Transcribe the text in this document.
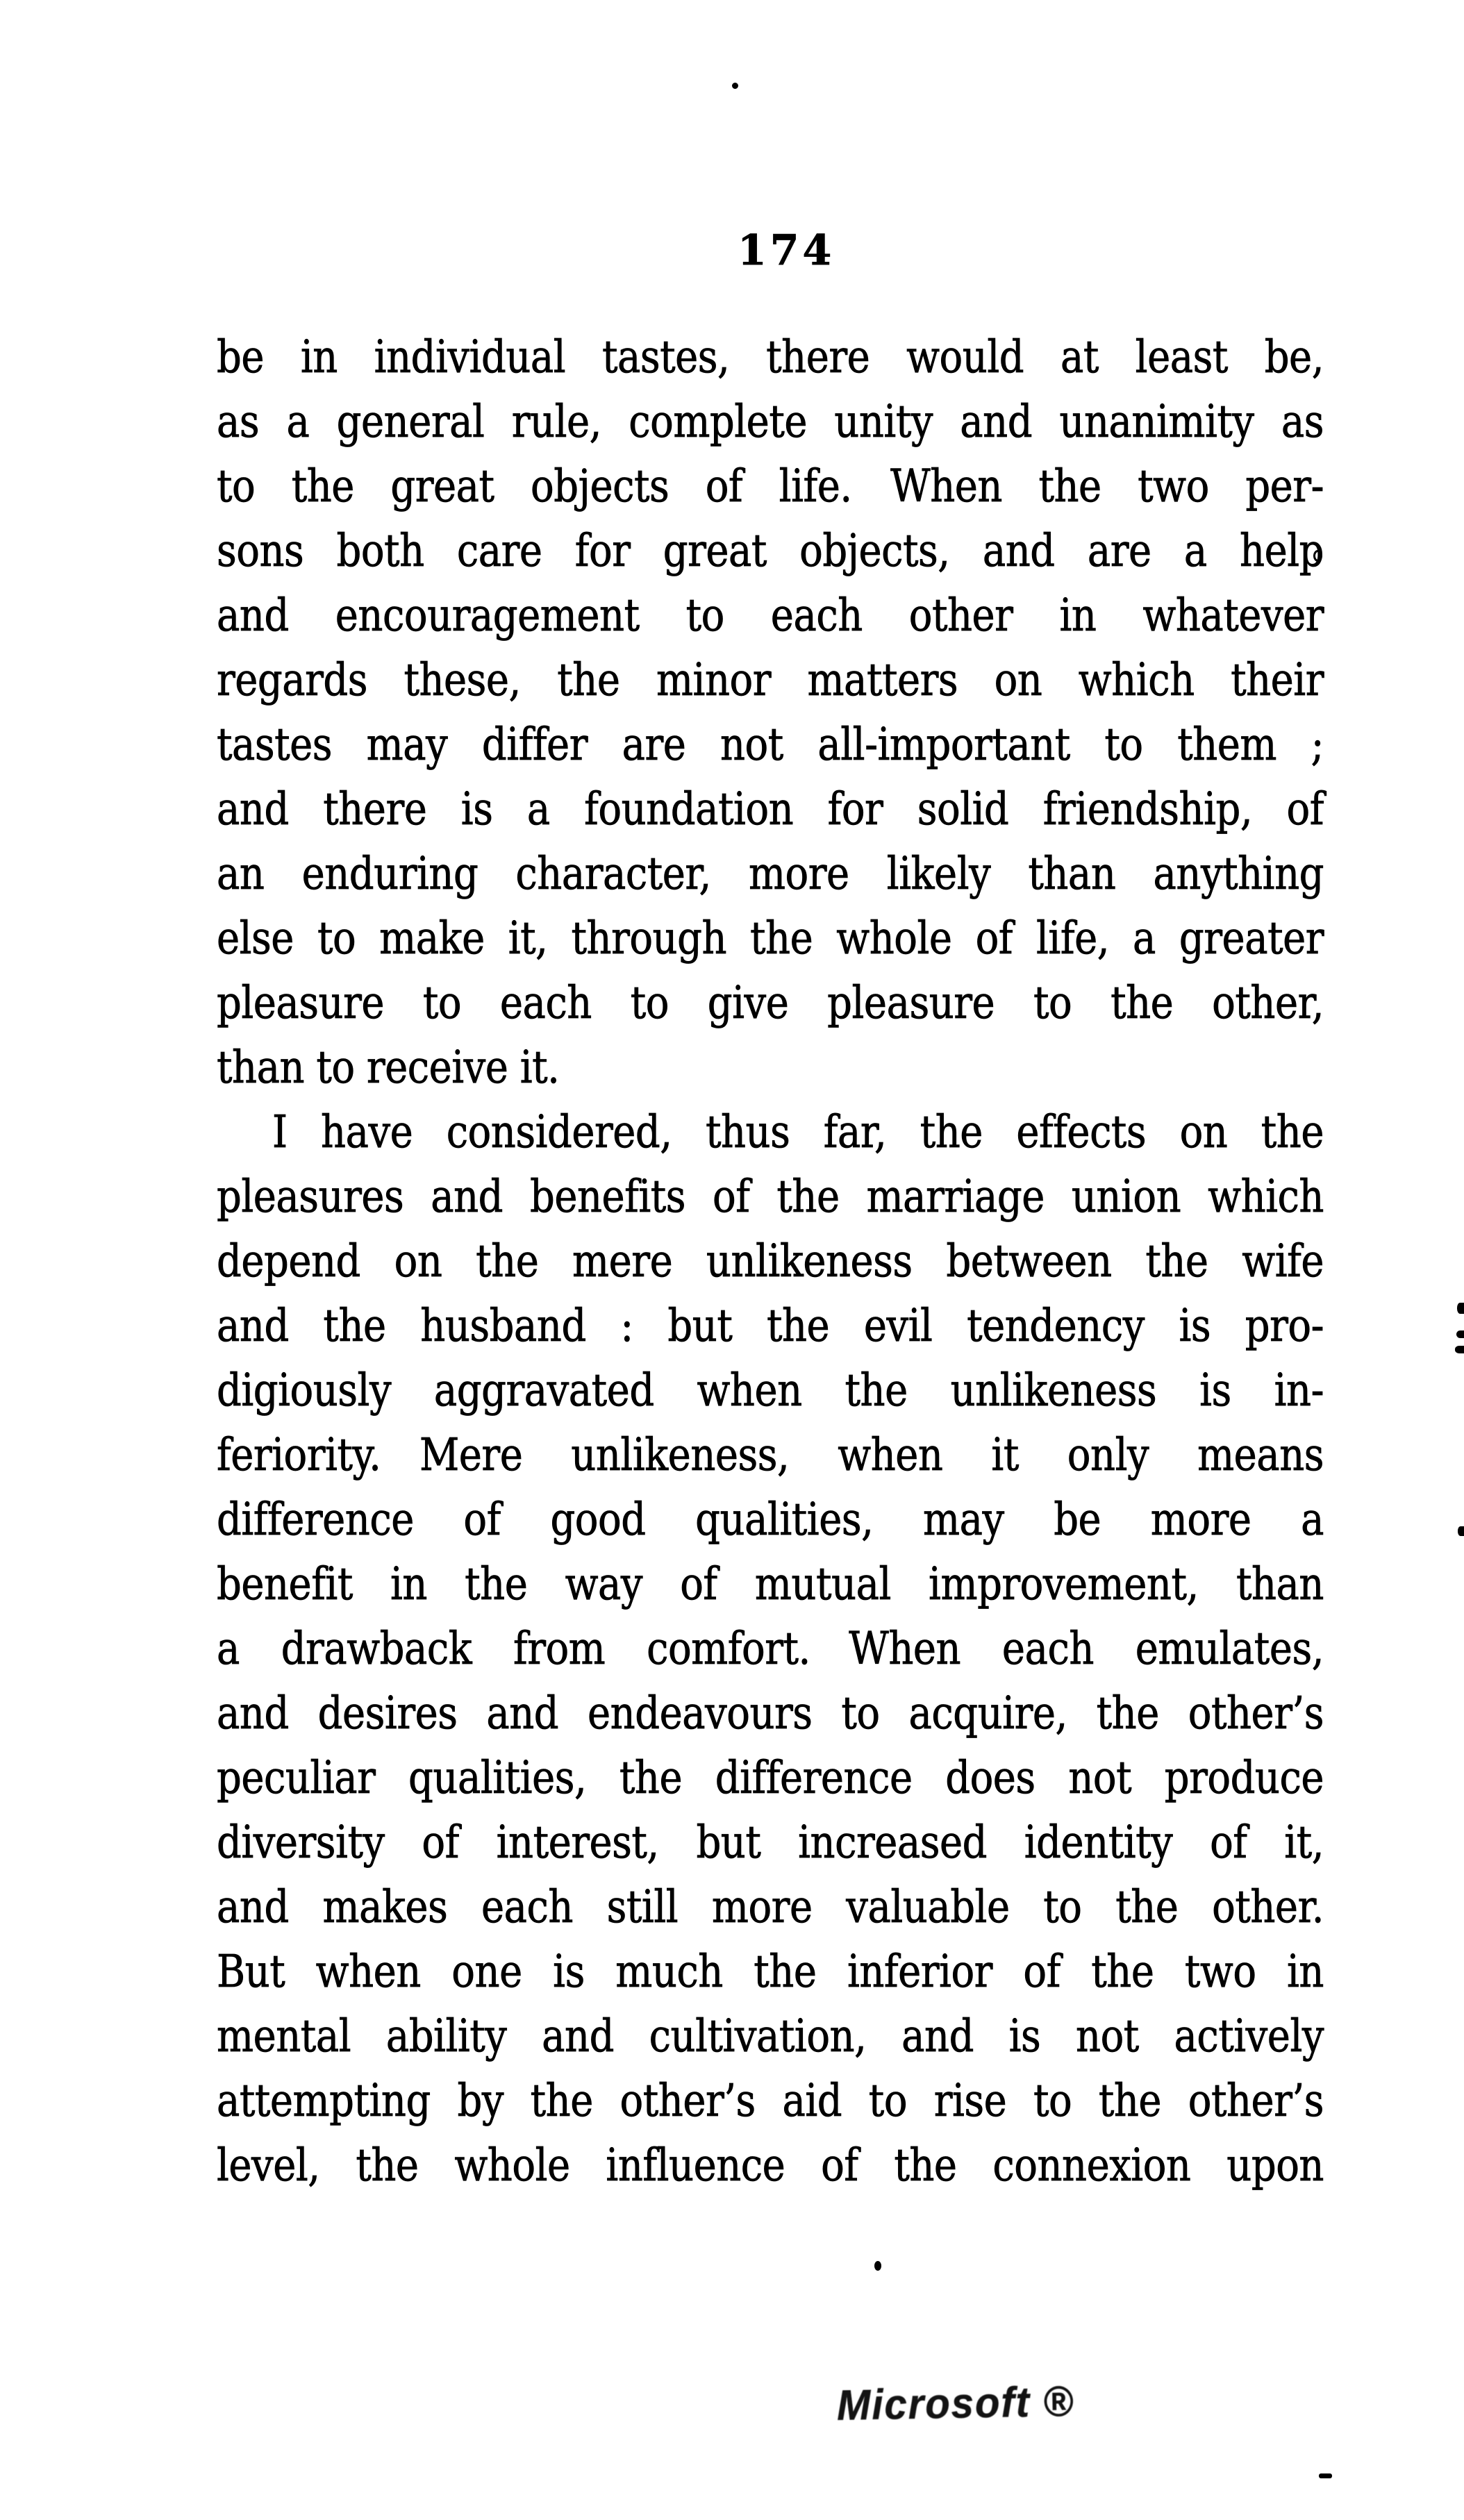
174
be in individual tastes, there would at least be,
as a general rule, complete unity and unanimity as
to the great objects of life. When the two per-
sons both care for great objects, and are a help
and encouragement to each other in whatever
regards these, the minor matters on which their
tastes may differ are not all-important to them ;
and there is a foundation for solid friendship, of
an enduring character, more likely than anything
else to make it, through the whole of life, a greater
pleasure to each to give pleasure to the other,
than to receive it.
I have considered, thus far, the effects on the
pleasures and benefits of the marriage union which
depend on the mere unlikeness between the wife
and the husband : but the evil tendency is pro-
digiously aggravated when the unlikeness is in-
feriority. Mere unlikeness, when it only means
difference of good qualities, may be more a
benefit in the way of mutual improvement, than
a drawback from comfort. When each emulates,
and desires and endeavours to acquire, the other’s
peculiar qualities, the difference does not produce
diversity of interest, but increased identity of it,
and makes each still more valuable to the other.
But when one is much the inferior of the two in
mental ability and cultivation, and is not actively
attempting by the other’s aid to rise to the other’s
level, the whole influence of the connexion upon
Microsoft ®
